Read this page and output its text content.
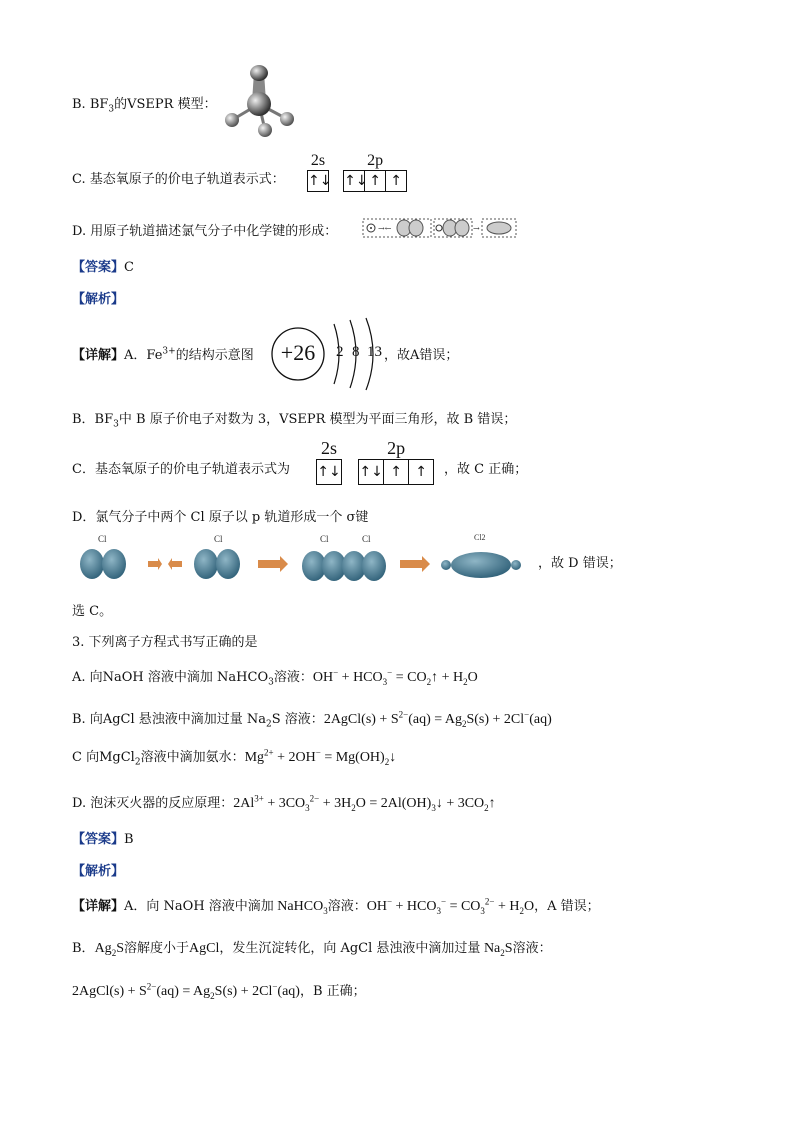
B. $BF_3$的VSEPR 模型：
C. 基态氧原子的价电子轨道表示式：
2s
↑↓
2p
↑↓ ↑ ↑
D. 用原子轨道描述氯气分子中化学键的形成：	→←	→
【答案】C
【解析】
【详解】A．$Fe^{3+}$的结构示意图	+26	2 8 13 ，故A错误；
B．$BF_3$中 B 原子价电子对数为 3，VSEPR 模型为平面三角形，故 B 错误；
C．基态氧原子的价电子轨道表示式为
2s
↑↓
2p
↑↓ ↑ ↑	，故 C 正确；
D．氯气分子中两个 Cl 原子以 p 轨道形成一个 σ键
Cl	Cl	Cl	Cl	Cl2
，故 D 错误；
选 C。
3. 下列离子方程式书写正确的是
A. 向NaOH 溶液中滴加 NaHCO$_3$溶液：$OH^- + HCO_3^-$ = $CO_2↑ + H_2O$
B. 向AgCl 悬浊液中滴加过量 $Na_2S$ 溶液：2AgCl(s) + $S^{2-}(aq) = Ag_2S(s) + 2Cl^-(aq)$
C 向MgCl$_2$溶液中滴加氨水：$Mg^{2+} + 2OH^-$ = $Mg(OH)_2↓$
D. 泡沫灭火器的反应原理：$2Al^{3+} + 3CO_3^{2-} + 3H_2O$ = $2Al(OH)_3↓$ + $3CO_2↑$
【答案】B
【解析】
【详解】A．向 NaOH 溶液中滴加 NaHCO$_3$溶液：$OH^- + HCO_3^- = CO_3^{2-} + H_2O$，A 错误；
B．$Ag_2S$溶解度小于AgCl，发生沉淀转化，向 AgCl 悬浊液中滴加过量 $Na_2S$溶液：
2AgCl(s) + $S^{2-}(aq) = Ag_2S(s) + 2Cl^-(aq)$，B 正确；
